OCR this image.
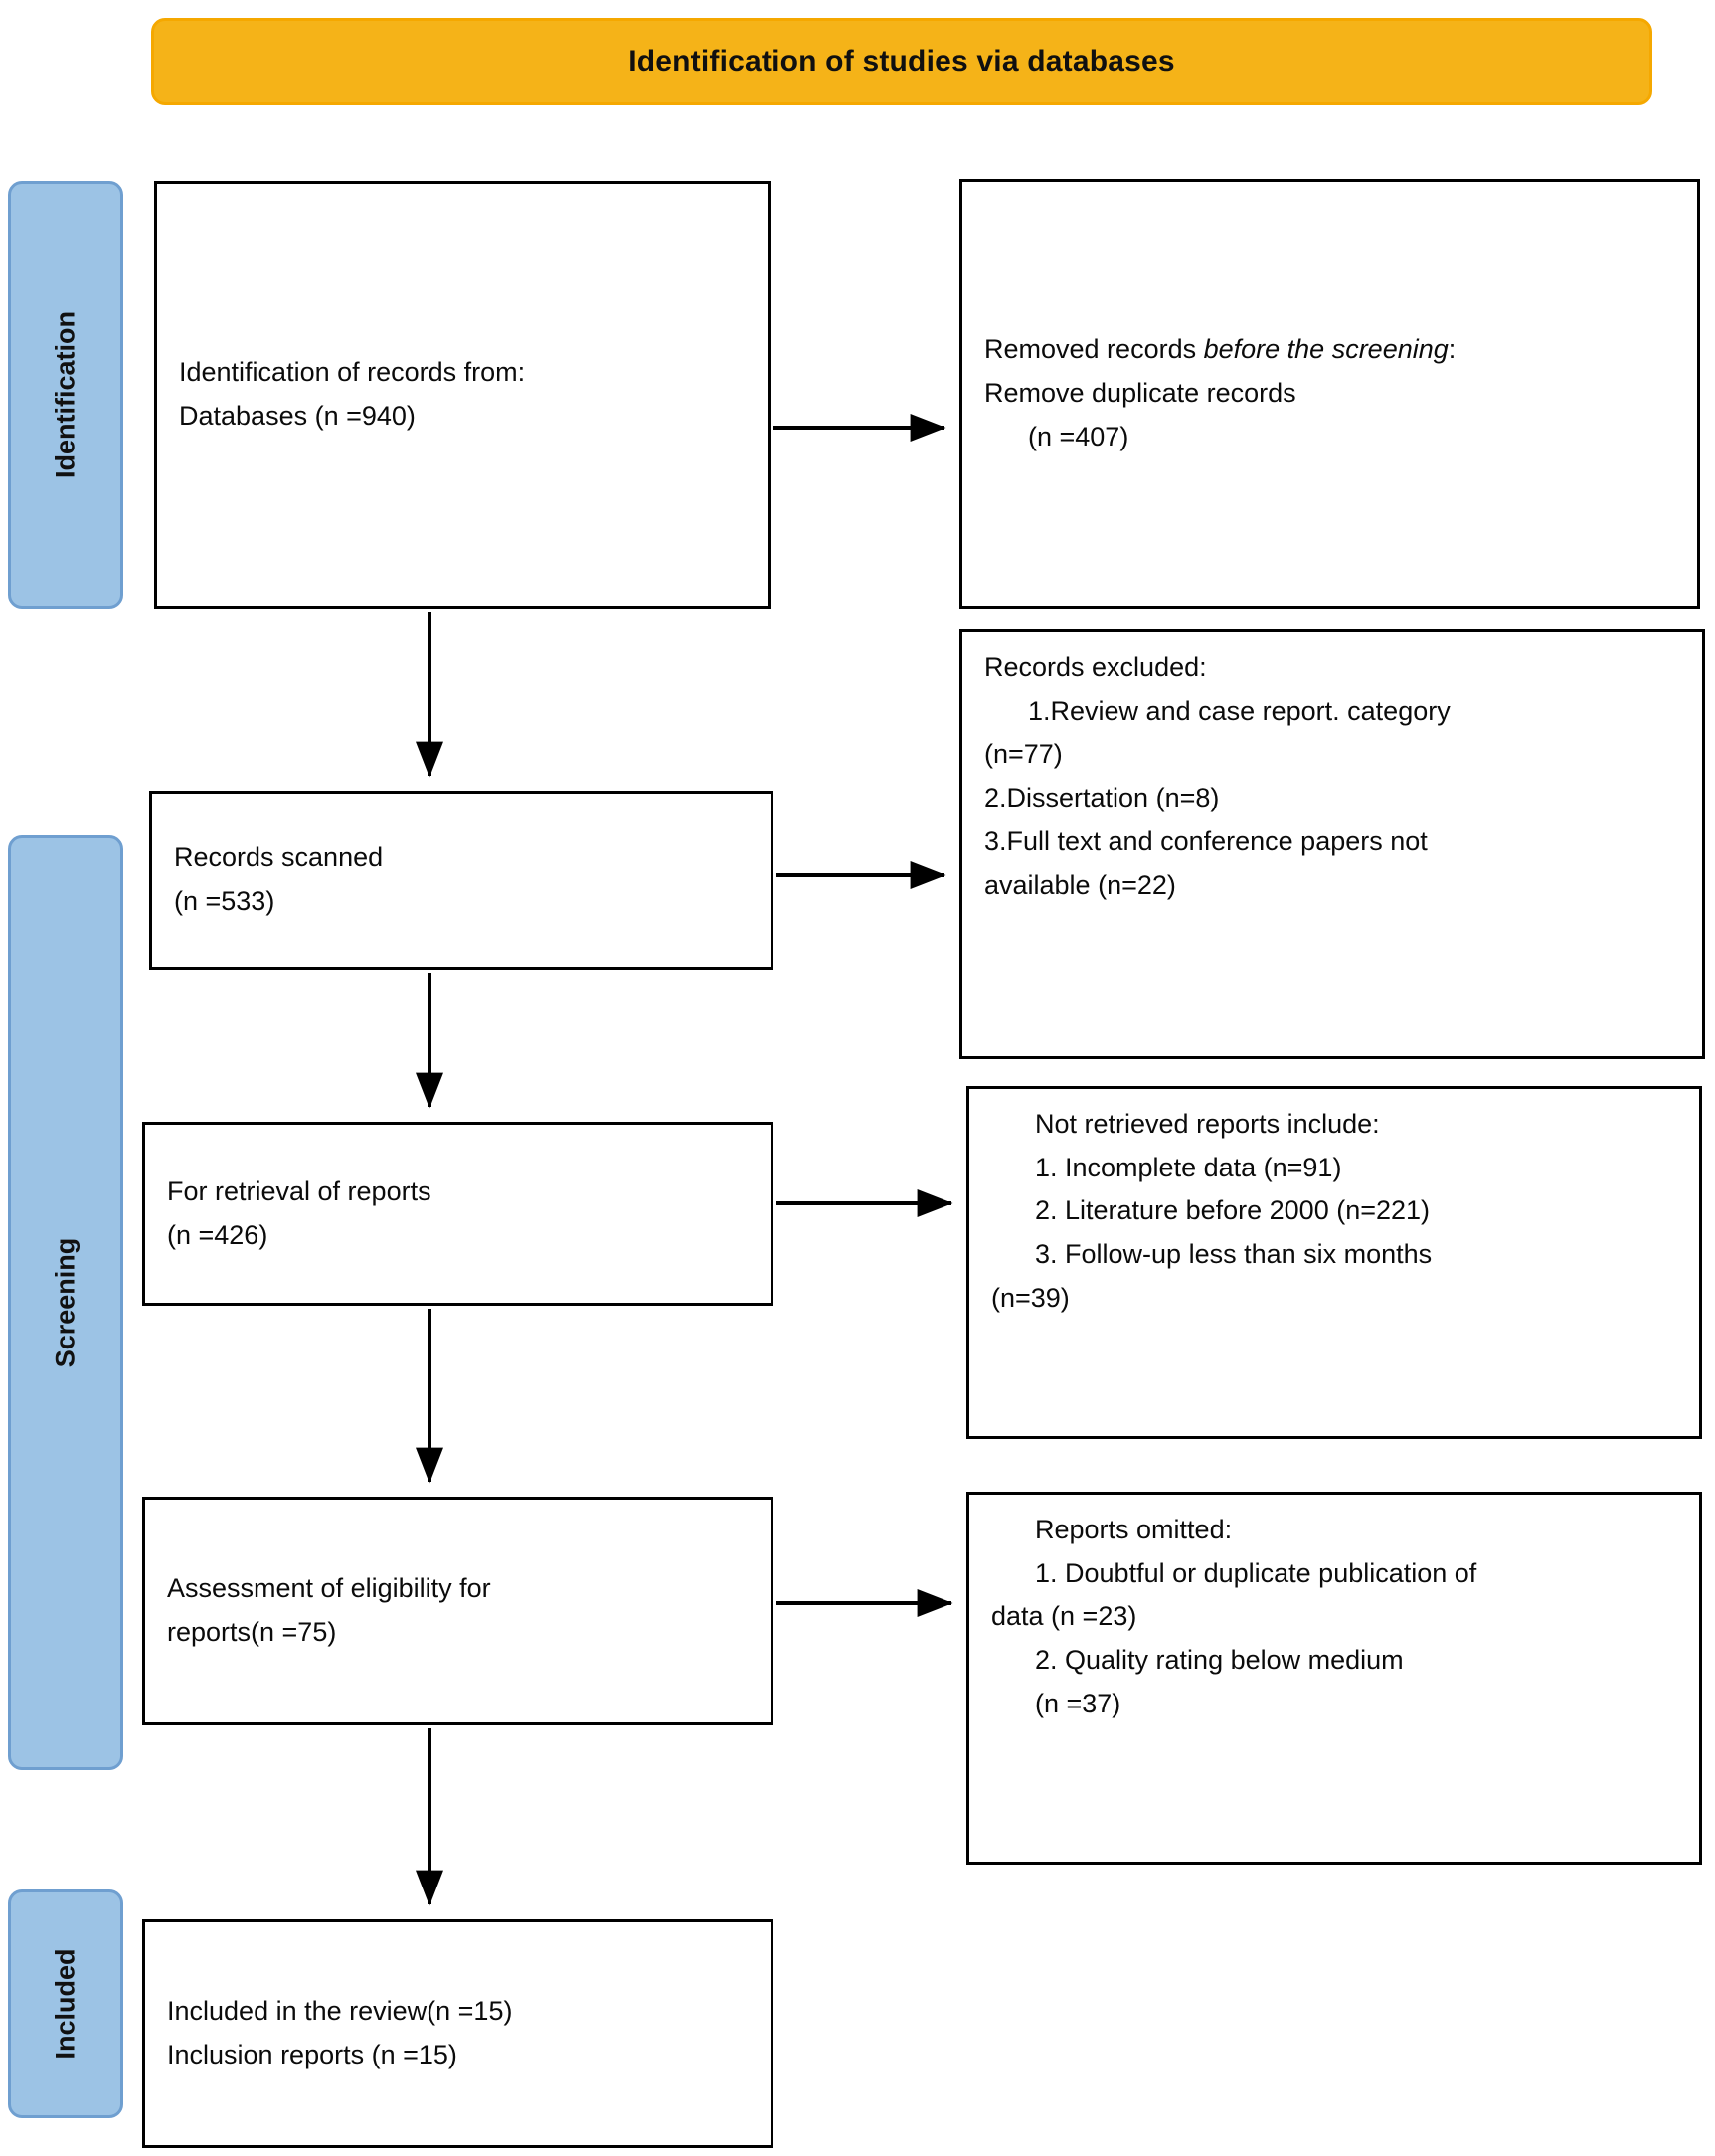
Identification of studies via databases
Identification
Screening
Included

Identification of records from:

Databases (n =940)

Removed records before the screening:

Remove duplicate records

(n =407)

Records scanned

(n =533)

Records excluded:

1.Review and case report. category

(n=77)

2.Dissertation (n=8)

3.Full text and conference papers not

available (n=22)

For retrieval of reports

(n =426)

Not retrieved reports include:

1. Incomplete data (n=91)

2. Literature before 2000 (n=221)

3. Follow-up less than six months

(n=39)

Assessment of eligibility for

reports(n =75)

Reports omitted:

1. Doubtful or duplicate publication of

data (n =23)

2. Quality rating below medium

(n =37)

Included in the review(n =15)

Inclusion reports (n =15)
